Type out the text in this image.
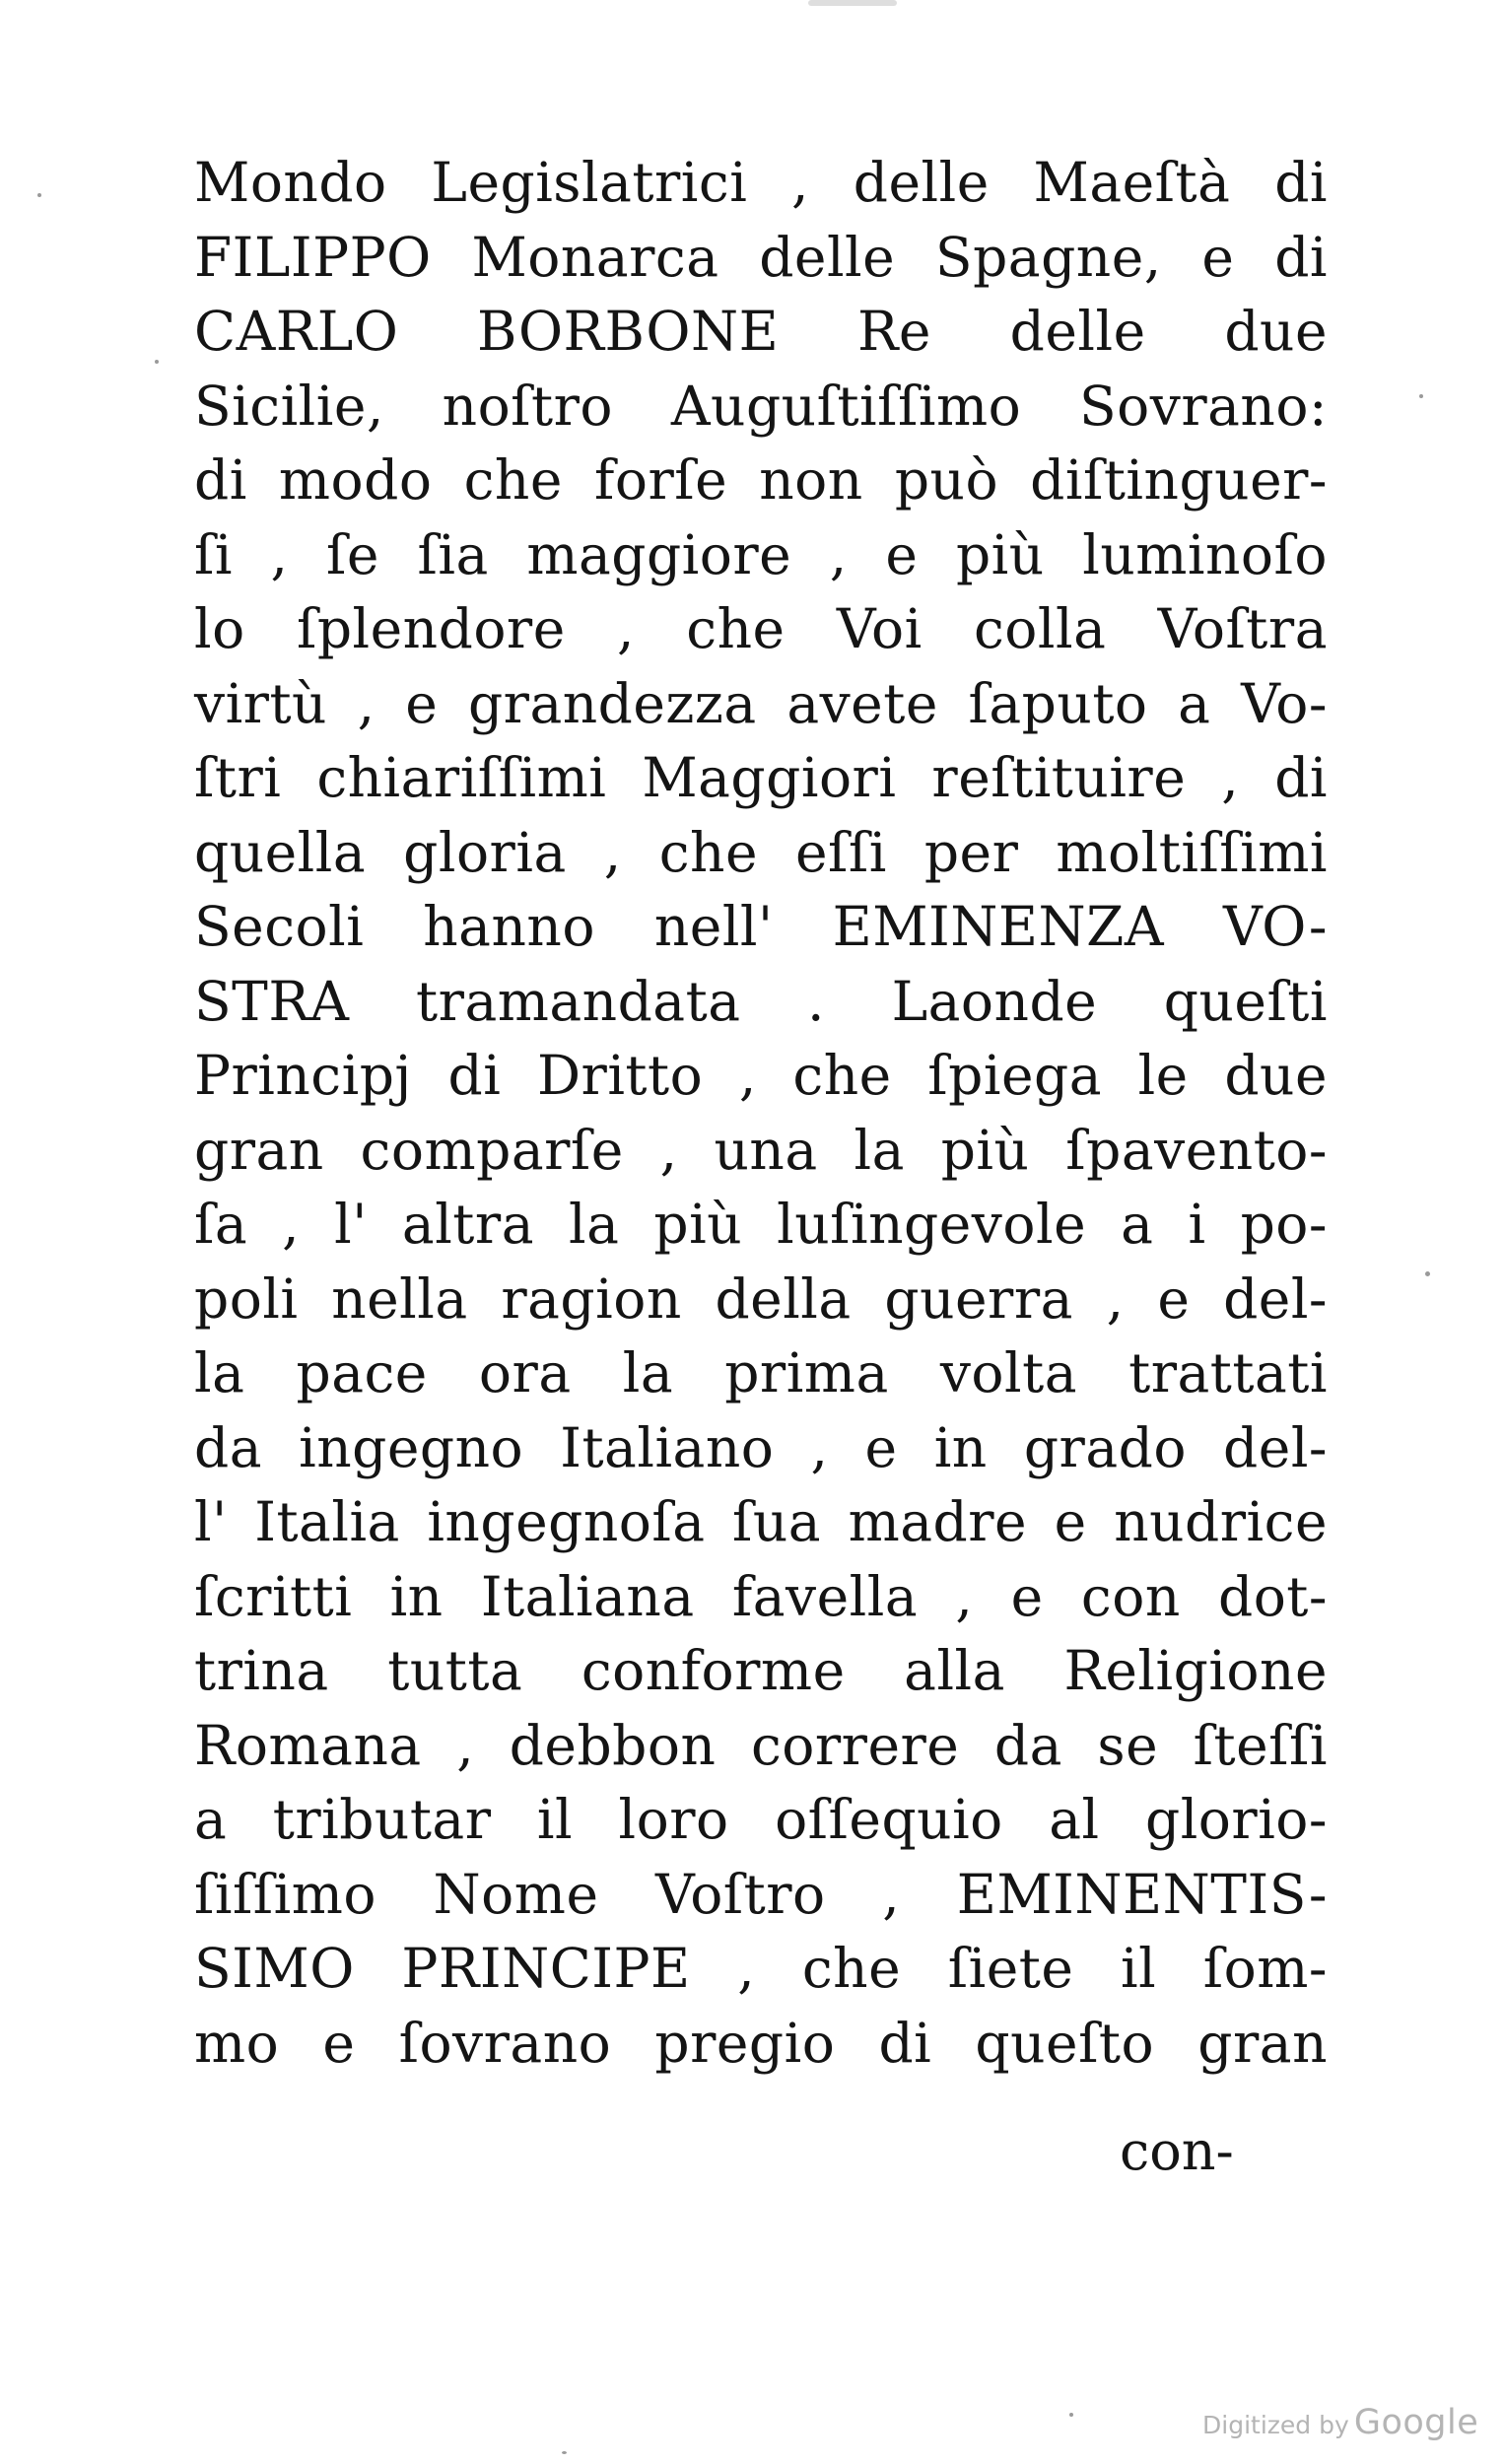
Mondo Legislatrici , delle Maeſtà di
FILIPPO Monarca delle Spagne, e di
CARLO BORBONE Re delle due
Sicilie, noſtro Auguſtiſſimo Sovrano:
di modo che forſe non può diſtinguer-
ſi , ſe ſia maggiore , e più luminoſo
lo ſplendore , che Voi colla Voſtra
virtù , e grandezza avete ſaputo a Vo-
ſtri chiariſſimi Maggiori reſtituire , di
quella gloria , che eſſi per moltiſſimi
Secoli hanno nell' EMINENZA VO-
STRA tramandata . Laonde queſti
Principj di Dritto , che ſpiega le due
gran comparſe , una la più ſpavento-
ſa , l' altra la più luſingevole a i po-
poli nella ragion della guerra , e del-
la pace ora la prima volta trattati
da ingegno Italiano , e in grado del-
l' Italia ingegnoſa ſua madre e nudrice
ſcritti in Italiana favella , e con dot-
trina tutta conforme alla Religione
Romana , debbon correre da se ſteſſi
a tributar il loro oſſequio al glorio-
ſiſſimo Nome Voſtro , EMINENTIS-
SIMO PRINCIPE , che ſiete il ſom-
mo e ſovrano pregio di queſto gran
con-
Digitized by Google
